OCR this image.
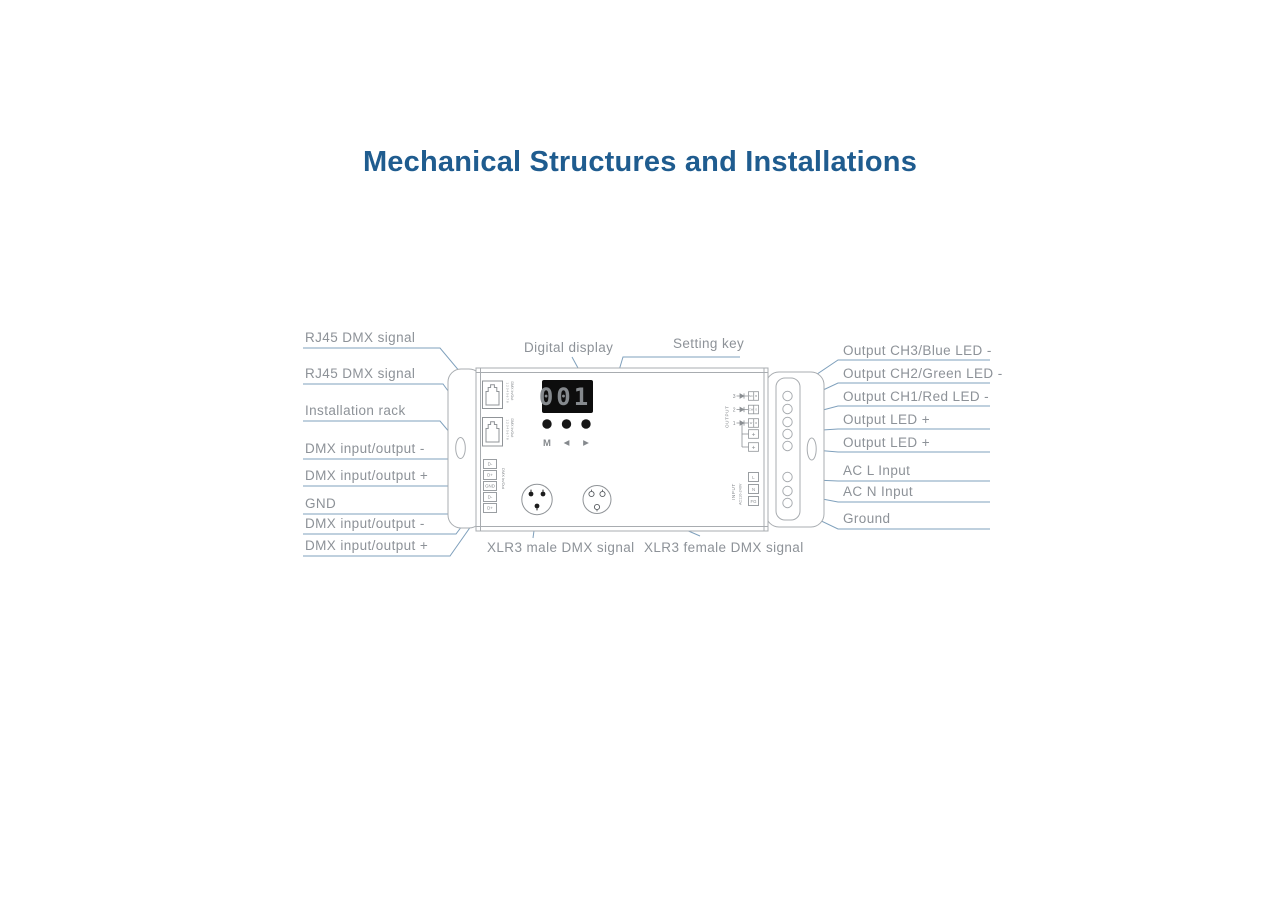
Mechanical Structures and Installations
12345678 DMX In/Out
12345678 DMX In/Out
001
M ◀ ▶
D-
D+
GND
D-
D+
DMX In/Out
OUTPUT
3
2
1
NC B
CW G
W R
+
+
INPUT AC110-240V
L
N
FG
RJ45 DMX signal
RJ45 DMX signal
Installation rack
DMX input/output -
DMX input/output +
GND
DMX input/output -
DMX input/output +
Digital display	Setting key
XLR3 male DMX signal XLR3 female DMX signal
Output CH3/Blue LED -
Output CH2/Green LED -
Output CH1/Red LED -
Output LED +
Output LED +
AC L Input
AC N Input
Ground
